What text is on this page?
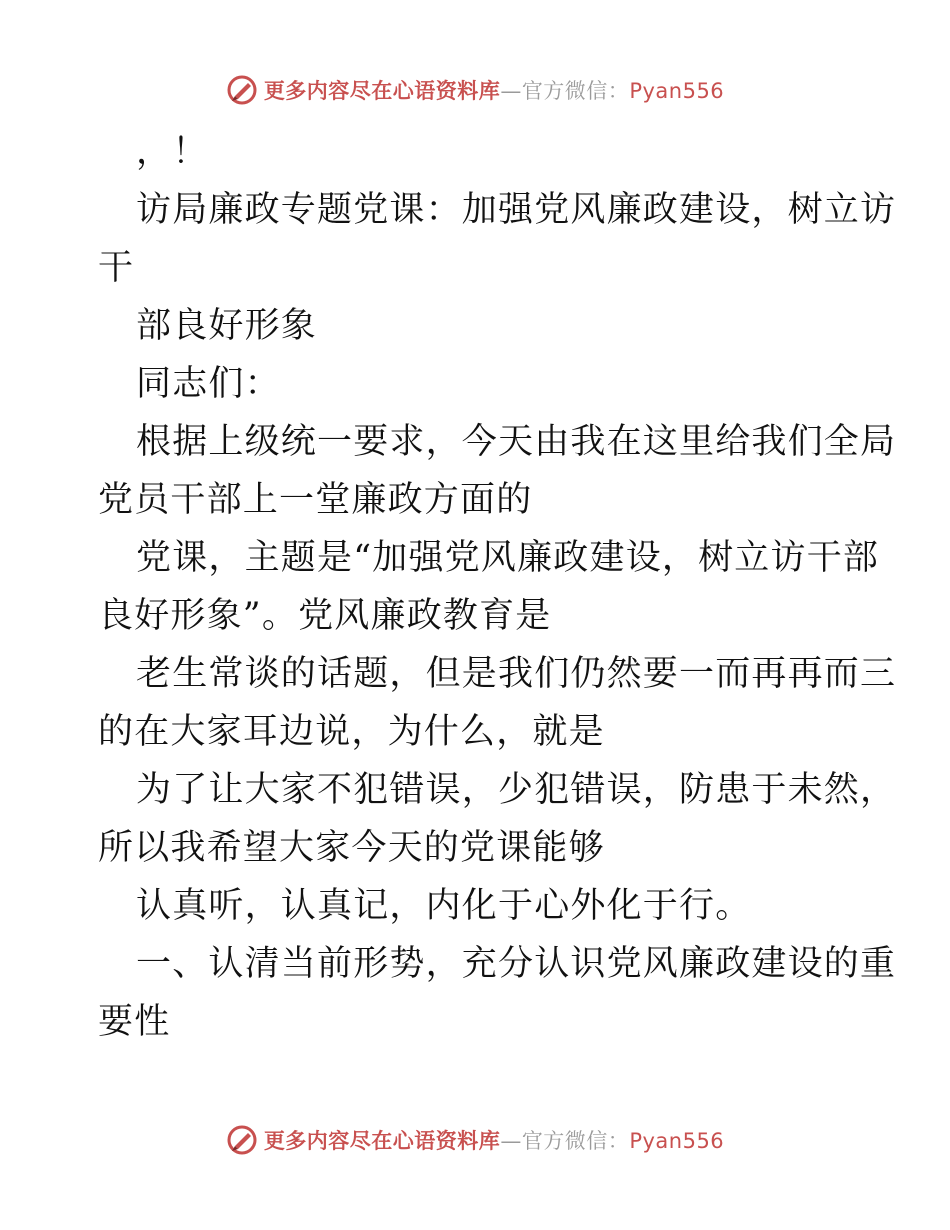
更多内容尽在心语资料库—官方微信：Pyan556
，！
访局廉政专题党课：加强党风廉政建设，树立访
干
部良好形象
同志们：
根据上级统一要求，今天由我在这里给我们全局
党员干部上一堂廉政方面的
党课，主题是“加强党风廉政建设，树立访干部
良好形象”。党风廉政教育是
老生常谈的话题，但是我们仍然要一而再再而三
的在大家耳边说，为什么，就是
为了让大家不犯错误，少犯错误，防患于未然，
所以我希望大家今天的党课能够
认真听，认真记，内化于心外化于行。
一、认清当前形势，充分认识党风廉政建设的重
要性
更多内容尽在心语资料库—官方微信：Pyan556
